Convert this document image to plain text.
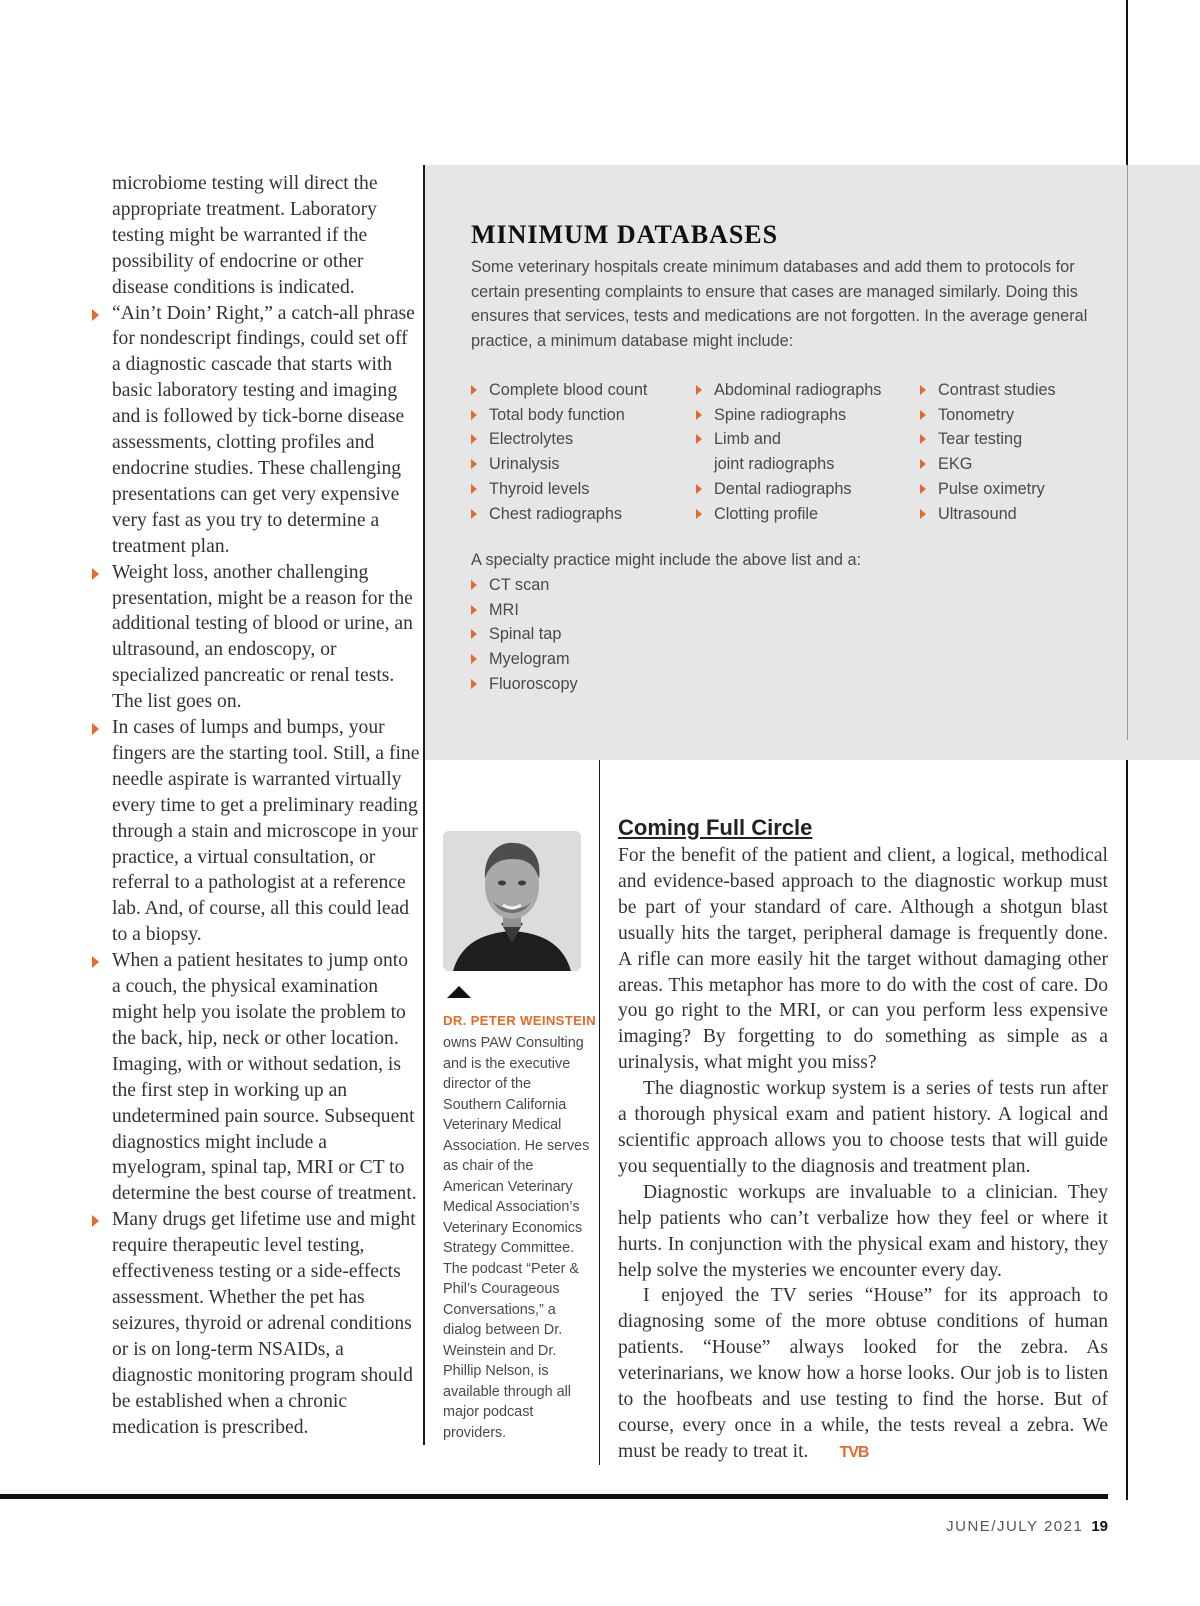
microbiome testing will direct the appropriate treatment. Laboratory testing might be warranted if the possibility of endocrine or other disease conditions is indicated.

“Ain’t Doin’ Right,” a catch-all phrase for nondescript findings, could set off a diagnostic cascade that starts with basic laboratory testing and imaging and is followed by tick-borne disease assessments, clotting profiles and endocrine studies. These challenging presentations can get very expensive very fast as you try to determine a treatment plan.
Weight loss, another challenging presentation, might be a reason for the additional testing of blood or urine, an ultrasound, an endoscopy, or specialized pancreatic or renal tests. The list goes on.
In cases of lumps and bumps, your fingers are the starting tool. Still, a fine needle aspirate is warranted virtually every time to get a preliminary reading through a stain and microscope in your practice, a virtual consultation, or referral to a pathologist at a reference lab. And, of course, all this could lead to a biopsy.
When a patient hesitates to jump onto a couch, the physical examination might help you isolate the problem to the back, hip, neck or other location. Imaging, with or without sedation, is the first step in working up an undetermined pain source. Subsequent diagnostics might include a myelogram, spinal tap, MRI or CT to determine the best course of treatment.
Many drugs get lifetime use and might require therapeutic level testing, effectiveness testing or a side-effects assessment. Whether the pet has seizures, thyroid or adrenal conditions or is on long-term NSAIDs, a diagnostic monitoring program should be established when a chronic medication is prescribed.
MINIMUM DATABASES

Some veterinary hospitals create minimum databases and add them to protocols for certain presenting complaints to ensure that cases are managed similarly. Doing this ensures that services, tests and medications are not forgotten. In the average general practice, a minimum database might include:

Complete blood count
Total body function
Electrolytes
Urinalysis
Thyroid levels
Chest radiographs
Abdominal radiographs
Spine radiographs
Limb and
joint radiographs
Dental radiographs
Clotting profile
Contrast studies
Tonometry
Tear testing
EKG
Pulse oximetry
Ultrasound

A specialty practice might include the above list and a:

CT scan
MRI
Spinal tap
Myelogram
Fluoroscopy

DR. PETER WEINSTEIN

owns PAW Consulting and is the executive director of the Southern California Veterinary Medical Association. He serves as chair of the American Veterinary Medical Association’s Veterinary Economics Strategy Committee. The podcast “Peter & Phil’s Courageous Conversations,” a dialog between Dr. Weinstein and Dr. Phillip Nelson, is available through all major podcast providers.

Coming Full Circle

For the benefit of the patient and client, a logical, methodical and evidence-based approach to the diagnostic workup must be part of your standard of care. Although a shotgun blast usually hits the target, peripheral damage is frequently done. A rifle can more easily hit the target without damaging other areas. This metaphor has more to do with the cost of care. Do you go right to the MRI, or can you perform less expensive imaging? By forgetting to do something as simple as a urinalysis, what might you miss?

The diagnostic workup system is a series of tests run after a thorough physical exam and patient history. A logical and scientific approach allows you to choose tests that will guide you sequentially to the diagnosis and treatment plan.

Diagnostic workups are invaluable to a clinician. They help patients who can’t verbalize how they feel or where it hurts. In conjunction with the physical exam and history, they help solve the mysteries we encounter every day.

I enjoyed the TV series “House” for its approach to diagnosing some of the more obtuse conditions of human patients. “House” always looked for the zebra. As veterinarians, we know how a horse looks. Our job is to listen to the hoofbeats and use testing to find the horse. But of course, every once in a while, the tests reveal a zebra. We must be ready to treat it. TVB

JUNE/JULY 2021 19
